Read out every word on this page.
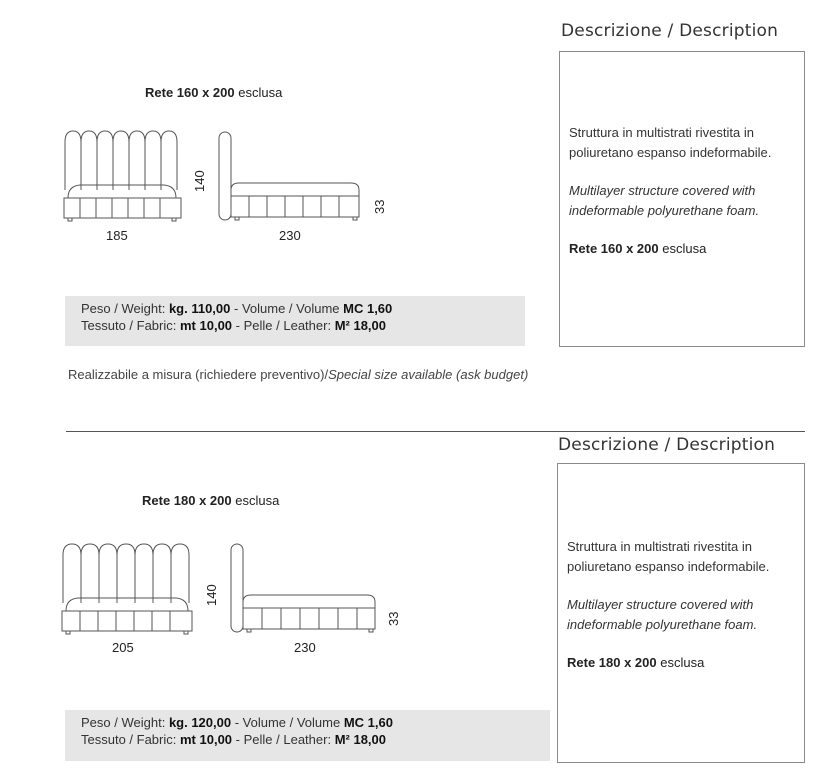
Descrizione / Description
Struttura in multistrati rivestita in poliuretano espanso indeformabile.
Multilayer structure covered with indeformable polyurethane foam.
Rete 160 x 200 esclusa
Rete 160 x 200 esclusa
185
140
230
33
Peso / Weight: kg. 110,00 - Volume / Volume MC 1,60
Tessuto / Fabric: mt 10,00 - Pelle / Leather: M² 18,00
Realizzabile a misura (richiedere preventivo)/Special size available (ask budget)
Descrizione / Description
Struttura in multistrati rivestita in poliuretano espanso indeformabile.
Multilayer structure covered with indeformable polyurethane foam.
Rete 180 x 200 esclusa
Rete 180 x 200 esclusa
205
140
230
33
Peso / Weight: kg. 120,00 - Volume / Volume MC 1,60
Tessuto / Fabric: mt 10,00 - Pelle / Leather: M² 18,00
